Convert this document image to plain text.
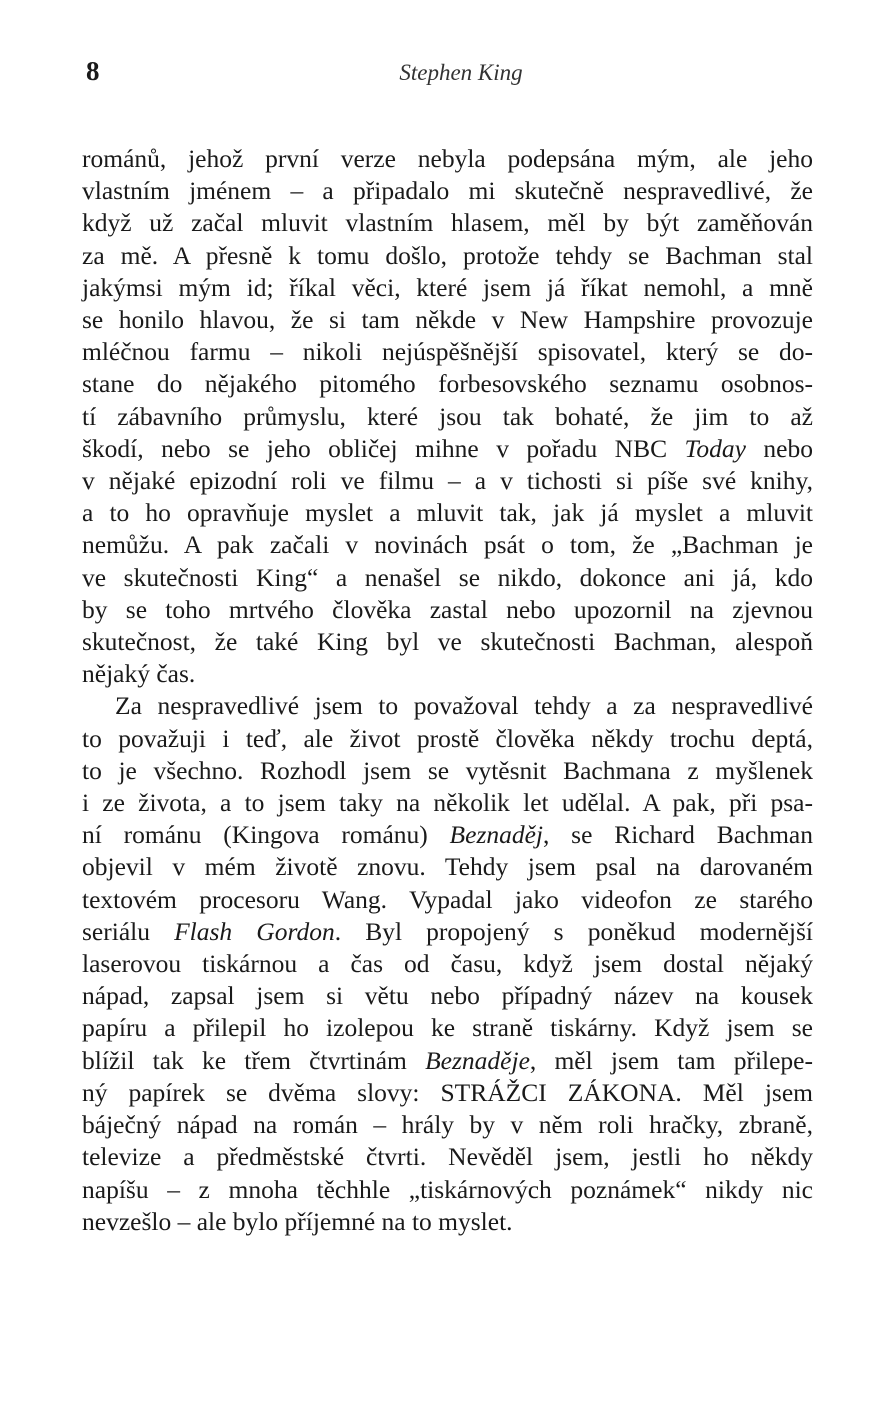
8	Stephen King
románů, jehož první verze nebyla podepsána mým, ale jeho
vlastním jménem – a připadalo mi skutečně nespravedlivé, že
když už začal mluvit vlastním hlasem, měl by být zaměňován
za mě. A přesně k tomu došlo, protože tehdy se Bachman stal
jakýmsi mým id; říkal věci, které jsem já říkat nemohl, a mně
se honilo hlavou, že si tam někde v New Hampshire provozuje
mléčnou farmu – nikoli nejúspěšnější spisovatel, který se do-
stane do nějakého pitomého forbesovského seznamu osobnos-
tí zábavního průmyslu, které jsou tak bohaté, že jim to až
škodí, nebo se jeho obličej mihne v pořadu NBC Today nebo
v nějaké epizodní roli ve filmu – a v tichosti si píše své knihy,
a to ho opravňuje myslet a mluvit tak, jak já myslet a mluvit
nemůžu. A pak začali v novinách psát o tom, že „Bachman je
ve skutečnosti King“ a nenašel se nikdo, dokonce ani já, kdo
by se toho mrtvého člověka zastal nebo upozornil na zjevnou
skutečnost, že také King byl ve skutečnosti Bachman, alespoň
nějaký čas.
Za nespravedlivé jsem to považoval tehdy a za nespravedlivé
to považuji i teď, ale život prostě člověka někdy trochu deptá,
to je všechno. Rozhodl jsem se vytěsnit Bachmana z myšlenek
i ze života, a to jsem taky na několik let udělal. A pak, při psa-
ní románu (Kingova románu) Beznaděj, se Richard Bachman
objevil v mém životě znovu. Tehdy jsem psal na darovaném
textovém procesoru Wang. Vypadal jako videofon ze starého
seriálu Flash Gordon. Byl propojený s poněkud modernější
laserovou tiskárnou a čas od času, když jsem dostal nějaký
nápad, zapsal jsem si větu nebo případný název na kousek
papíru a přilepil ho izolepou ke straně tiskárny. Když jsem se
blížil tak ke třem čtvrtinám Beznaděje, měl jsem tam přilepe-
ný papírek se dvěma slovy: STRÁŽCI ZÁKONA. Měl jsem
báječný nápad na román – hrály by v něm roli hračky, zbraně,
televize a předměstské čtvrti. Nevěděl jsem, jestli ho někdy
napíšu – z mnoha těchhle „tiskárnových poznámek“ nikdy nic
nevzešlo – ale bylo příjemné na to myslet.
